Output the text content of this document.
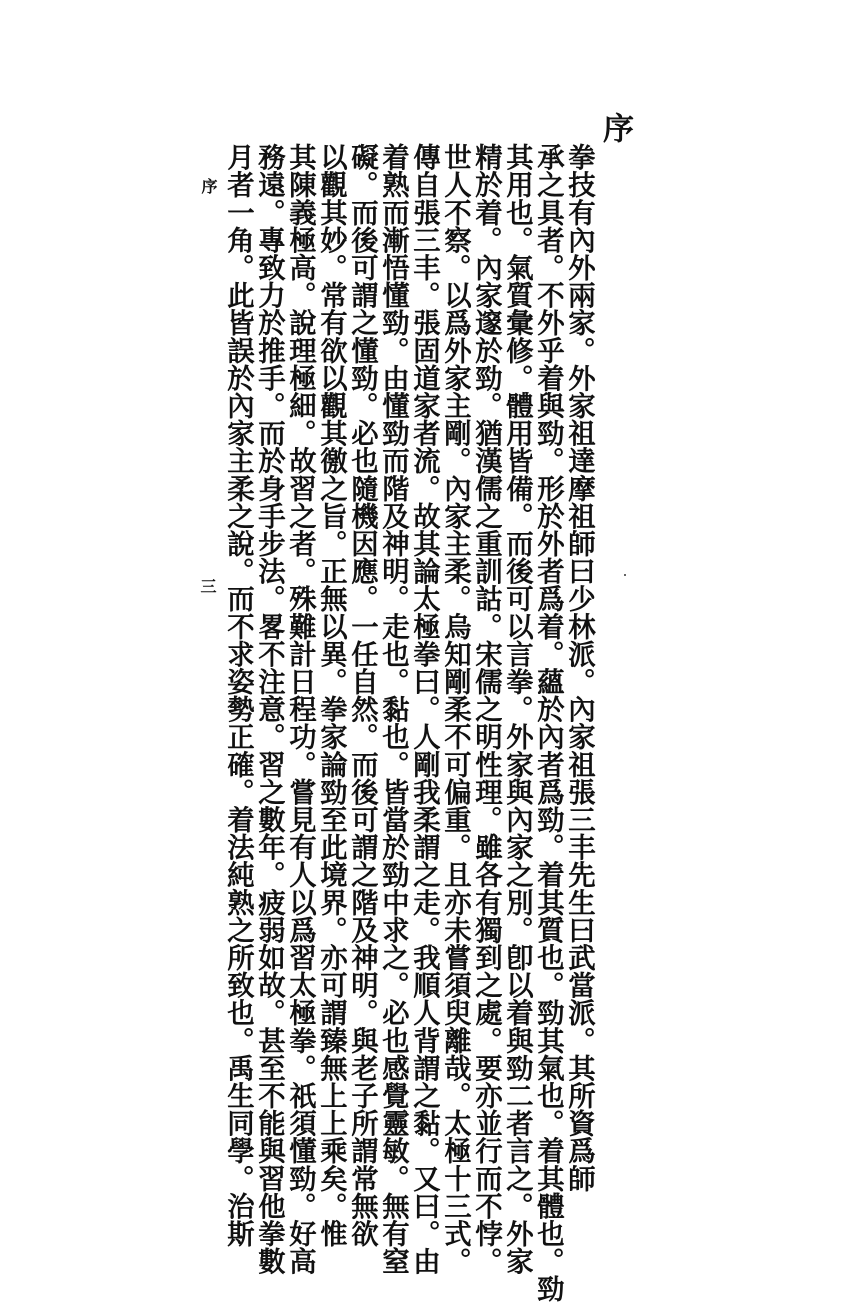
序
拳技有內外兩家。外家祖達摩祖師曰少林派。內家祖張三丰先生曰武當派。其所資爲師
承之具者。不外乎着與勁。形於外者爲着。蘊於內者爲勁。着其質也。勁其氣也。着其體也。勁
其用也。氣質彙修。體用皆備。而後可以言拳。外家與內家之別。卽以着與勁二者言之。外家
精於着。內家邃於勁。猶漢儒之重訓詁。宋儒之明性理。雖各有獨到之處。要亦並行而不悖。
世人不察。以爲外家主剛。內家主柔。烏知剛柔不可偏重。且亦未嘗須臾離哉。太極十三式。
傳自張三丰。張固道家者流。故其論太極拳曰。人剛我柔謂之走。我順人背謂之黏。又曰。由
着熟而漸悟懂勁。由懂勁而階及神明。走也。黏也。皆當於勁中求之。必也感覺靈敏。無有窒
礙。而後可謂之懂勁。必也隨機因應。一任自然。而後可謂之階及神明。與老子所謂常無欲
以觀其妙。常有欲以觀其徼之旨。正無以異。拳家論勁至此境界。亦可謂臻無上上乘矣。惟
其陳義極高。說理極細。故習之者。殊難計日程功。嘗見有人以爲習太極拳。祇須懂勁。好高
務遠。專致力於推手。而於身手步法。畧不注意。習之數年。疲弱如故。甚至不能與習他拳數
月者一角。此皆誤於內家主柔之說。而不求姿勢正確。着法純熟之所致也。禹生同學。治斯
序
三
